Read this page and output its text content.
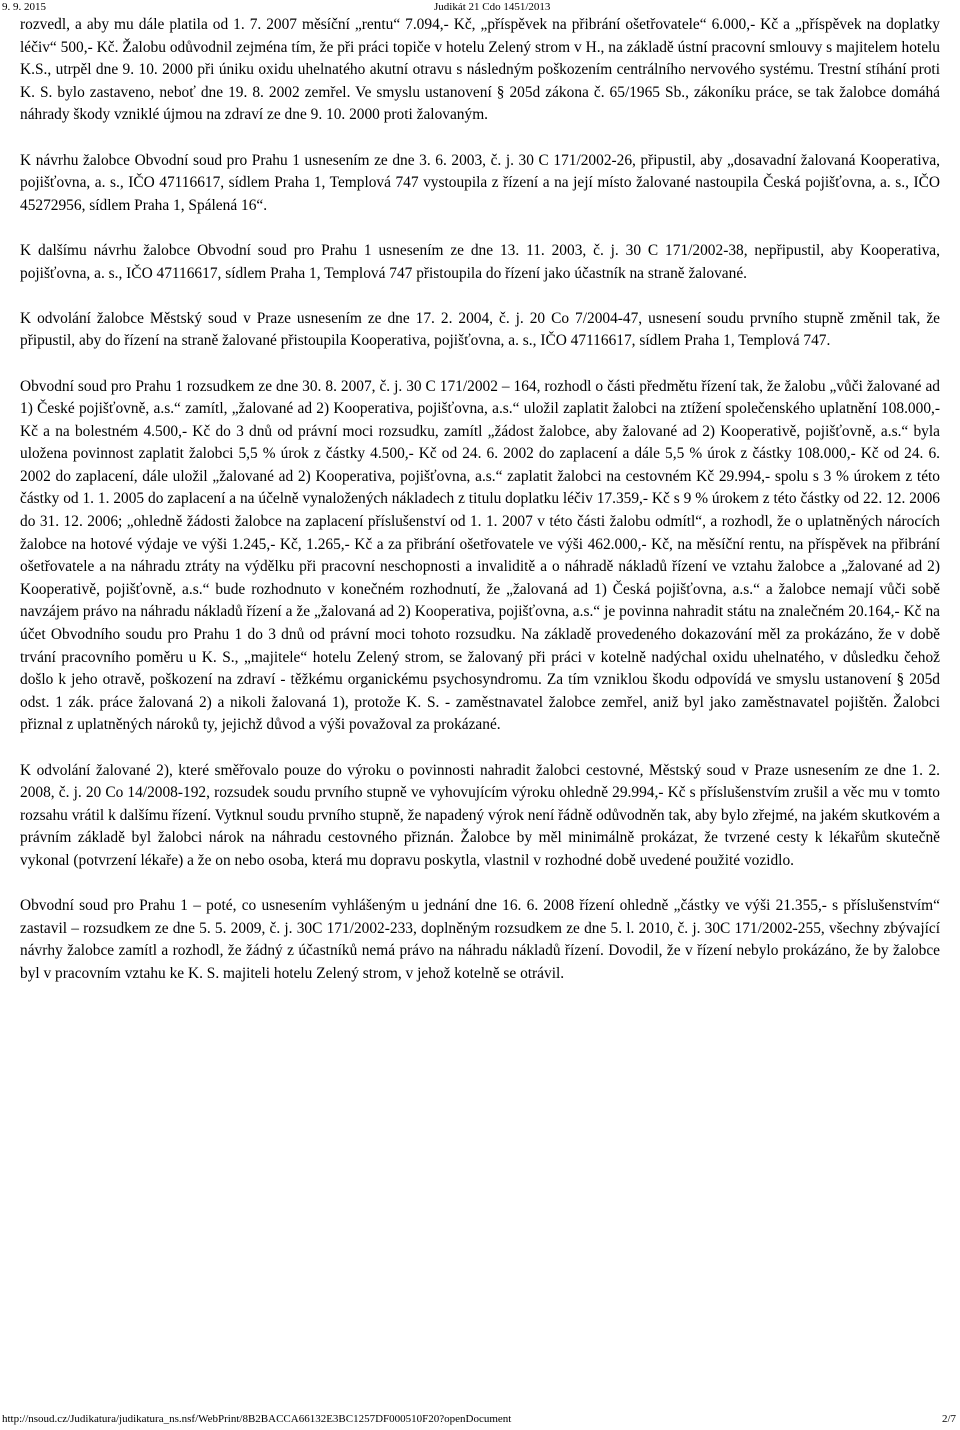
9. 9. 2015	Judikát 21 Cdo 1451/2013

rozvedl, a aby mu dále platila od 1. 7. 2007 měsíční „rentu“ 7.094,- Kč, „příspěvek na přibrání ošetřovatele“ 6.000,- Kč a „příspěvek na doplatky léčiv“ 500,- Kč. Žalobu odůvodnil zejména tím, že při práci topiče v hotelu Zelený strom v H., na základě ústní pracovní smlouvy s majitelem hotelu K.S., utrpěl dne 9. 10. 2000 při úniku oxidu uhelnatého akutní otravu s následným poškozením centrálního nervového systému. Trestní stíhání proti K. S. bylo zastaveno, neboť dne 19. 8. 2002 zemřel. Ve smyslu ustanovení § 205d zákona č. 65/1965 Sb., zákoníku práce, se tak žalobce domáhá náhrady škody vzniklé újmou na zdraví ze dne 9. 10. 2000 proti žalovaným.

K návrhu žalobce Obvodní soud pro Prahu 1 usnesením ze dne 3. 6. 2003, č. j. 30 C 171/2002-26, připustil, aby „dosavadní žalovaná Kooperativa, pojišťovna, a. s., IČO 47116617, sídlem Praha 1, Templová 747 vystoupila z řízení a na její místo žalované nastoupila Česká pojišťovna, a. s., IČO 45272956, sídlem Praha 1, Spálená 16“.

K dalšímu návrhu žalobce Obvodní soud pro Prahu 1 usnesením ze dne 13. 11. 2003, č. j. 30 C 171/2002-38, nepřipustil, aby Kooperativa, pojišťovna, a. s., IČO 47116617, sídlem Praha 1, Templová 747 přistoupila do řízení jako účastník na straně žalované.

K odvolání žalobce Městský soud v Praze usnesením ze dne 17. 2. 2004, č. j. 20 Co 7/2004-47, usnesení soudu prvního stupně změnil tak, že připustil, aby do řízení na straně žalované přistoupila Kooperativa, pojišťovna, a. s., IČO 47116617, sídlem Praha 1, Templová 747.

Obvodní soud pro Prahu 1 rozsudkem ze dne 30. 8. 2007, č. j. 30 C 171/2002 – 164, rozhodl o části předmětu řízení tak, že žalobu „vůči žalované ad 1) České pojišťovně, a.s.“ zamítl, „žalované ad 2) Kooperativa, pojišťovna, a.s.“ uložil zaplatit žalobci na ztížení společenského uplatnění 108.000,- Kč a na bolestném 4.500,- Kč do 3 dnů od právní moci rozsudku, zamítl „žádost žalobce, aby žalované ad 2) Kooperativě, pojišťovně, a.s.“ byla uložena povinnost zaplatit žalobci 5,5 % úrok z částky 4.500,- Kč od 24. 6. 2002 do zaplacení a dále 5,5 % úrok z částky 108.000,- Kč od 24. 6. 2002 do zaplacení, dále uložil „žalované ad 2) Kooperativa, pojišťovna, a.s.“ zaplatit žalobci na cestovném Kč 29.994,- spolu s 3 % úrokem z této částky od 1. 1. 2005 do zaplacení a na účelně vynaložených nákladech z titulu doplatku léčiv 17.359,- Kč s 9 % úrokem z této částky od 22. 12. 2006 do 31. 12. 2006; „ohledně žádosti žalobce na zaplacení příslušenství od 1. 1. 2007 v této části žalobu odmítl“, a rozhodl, že o uplatněných nárocích žalobce na hotové výdaje ve výši 1.245,- Kč, 1.265,- Kč a za přibrání ošetřovatele ve výši 462.000,- Kč, na měsíční rentu, na příspěvek na přibrání ošetřovatele a na náhradu ztráty na výdělku při pracovní neschopnosti a invaliditě a o náhradě nákladů řízení ve vztahu žalobce a „žalované ad 2) Kooperativě, pojišťovně, a.s.“ bude rozhodnuto v konečném rozhodnutí, že „žalovaná ad 1) Česká pojišťovna, a.s.“ a žalobce nemají vůči sobě navzájem právo na náhradu nákladů řízení a že „žalovaná ad 2) Kooperativa, pojišťovna, a.s.“ je povinna nahradit státu na znalečném 20.164,- Kč na účet Obvodního soudu pro Prahu 1 do 3 dnů od právní moci tohoto rozsudku. Na základě provedeného dokazování měl za prokázáno, že v době trvání pracovního poměru u K. S., „majitele“ hotelu Zelený strom, se žalovaný při práci v kotelně nadýchal oxidu uhelnatého, v důsledku čehož došlo k jeho otravě, poškození na zdraví - těžkému organickému psychosyndromu. Za tím vzniklou škodu odpovídá ve smyslu ustanovení § 205d odst. 1 zák. práce žalovaná 2) a nikoli žalovaná 1), protože K. S. - zaměstnavatel žalobce zemřel, aniž byl jako zaměstnavatel pojištěn. Žalobci přiznal z uplatněných nároků ty, jejichž důvod a výši považoval za prokázané.

K odvolání žalované 2), které směřovalo pouze do výroku o povinnosti nahradit žalobci cestovné, Městský soud v Praze usnesením ze dne 1. 2. 2008, č. j. 20 Co 14/2008-192, rozsudek soudu prvního stupně ve vyhovujícím výroku ohledně 29.994,- Kč s příslušenstvím zrušil a věc mu v tomto rozsahu vrátil k dalšímu řízení. Vytknul soudu prvního stupně, že napadený výrok není řádně odůvodněn tak, aby bylo zřejmé, na jakém skutkovém a právním základě byl žalobci nárok na náhradu cestovného přiznán. Žalobce by měl minimálně prokázat, že tvrzené cesty k lékařům skutečně vykonal (potvrzení lékaře) a že on nebo osoba, která mu dopravu poskytla, vlastnil v rozhodné době uvedené použité vozidlo.

Obvodní soud pro Prahu 1 – poté, co usnesením vyhlášeným u jednání dne 16. 6. 2008 řízení ohledně „částky ve výši 21.355,- s příslušenstvím“ zastavil – rozsudkem ze dne 5. 5. 2009, č. j. 30C 171/2002-233, doplněným rozsudkem ze dne 5. l. 2010, č. j. 30C 171/2002-255, všechny zbývající návrhy žalobce zamítl a rozhodl, že žádný z účastníků nemá právo na náhradu nákladů řízení. Dovodil, že v řízení nebylo prokázáno, že by žalobce byl v pracovním vztahu ke K. S. majiteli hotelu Zelený strom, v jehož kotelně se otrávil.

http://nsoud.cz/Judikatura/judikatura_ns.nsf/WebPrint/8B2BACCA66132E3BC1257DF000510F20?openDocument	2/7
